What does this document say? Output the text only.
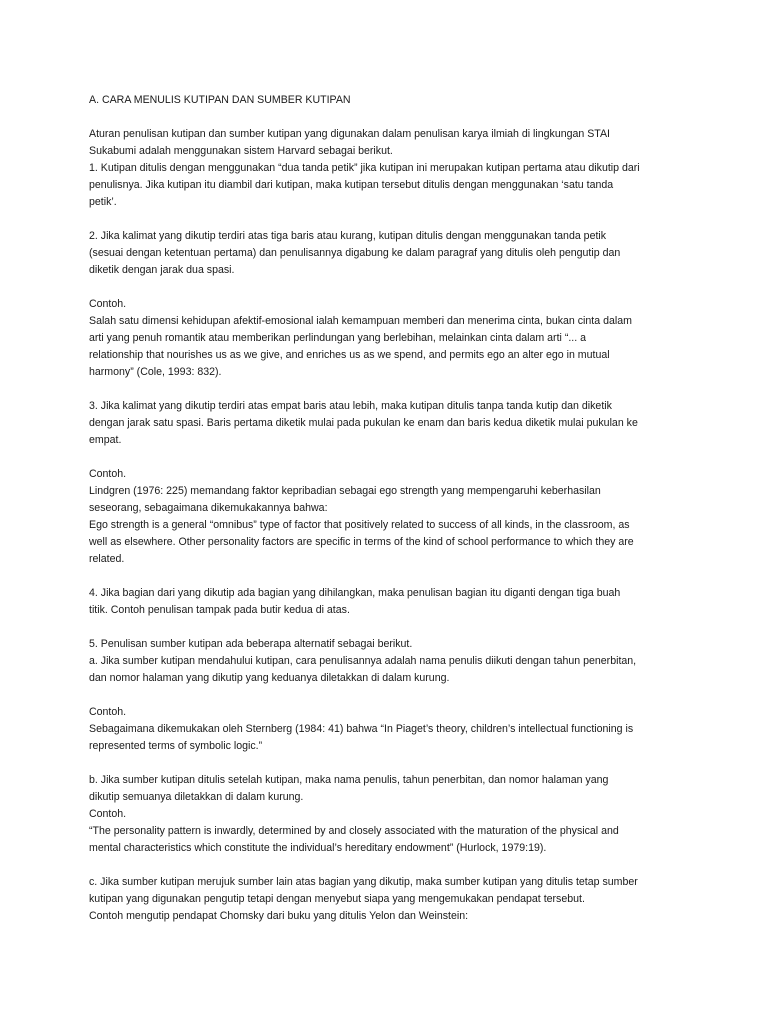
A. CARA MENULIS KUTIPAN DAN SUMBER KUTIPAN
Aturan penulisan kutipan dan sumber kutipan yang digunakan dalam penulisan karya ilmiah di lingkungan STAI
Sukabumi adalah menggunakan sistem Harvard sebagai berikut.
1. Kutipan ditulis dengan menggunakan “dua tanda petik” jika kutipan ini merupakan kutipan pertama atau dikutip dari
penulisnya. Jika kutipan itu diambil dari kutipan, maka kutipan tersebut ditulis dengan menggunakan ‘satu tanda
petik’.
2. Jika kalimat yang dikutip terdiri atas tiga baris atau kurang, kutipan ditulis dengan menggunakan tanda petik
(sesuai dengan ketentuan pertama) dan penulisannya digabung ke dalam paragraf yang ditulis oleh pengutip dan
diketik dengan jarak dua spasi.
Contoh.
Salah satu dimensi kehidupan afektif-emosional ialah kemampuan memberi dan menerima cinta, bukan cinta dalam
arti yang penuh romantik atau memberikan perlindungan yang berlebihan, melainkan cinta dalam arti “... a
relationship that nourishes us as we give, and enriches us as we spend, and permits ego an alter ego in mutual
harmony” (Cole, 1993: 832).
3. Jika kalimat yang dikutip terdiri atas empat baris atau lebih, maka kutipan ditulis tanpa tanda kutip dan diketik
dengan jarak satu spasi. Baris pertama diketik mulai pada pukulan ke enam dan baris kedua diketik mulai pukulan ke
empat.
Contoh.
Lindgren (1976: 225) memandang faktor kepribadian sebagai ego strength yang mempengaruhi keberhasilan
seseorang, sebagaimana dikemukakannya bahwa:
Ego strength is a general “omnibus” type of factor that positively related to success of all kinds, in the classroom, as
well as elsewhere. Other personality factors are specific in terms of the kind of school performance to which they are
related.
4. Jika bagian dari yang dikutip ada bagian yang dihilangkan, maka penulisan bagian itu diganti dengan tiga buah
titik. Contoh penulisan tampak pada butir kedua di atas.
5. Penulisan sumber kutipan ada beberapa alternatif sebagai berikut.
a. Jika sumber kutipan mendahului kutipan, cara penulisannya adalah nama penulis diikuti dengan tahun penerbitan,
dan nomor halaman yang dikutip yang keduanya diletakkan di dalam kurung.
Contoh.
Sebagaimana dikemukakan oleh Sternberg (1984: 41) bahwa “In Piaget’s theory, children’s intellectual functioning is
represented terms of symbolic logic.”
b. Jika sumber kutipan ditulis setelah kutipan, maka nama penulis, tahun penerbitan, dan nomor halaman yang
dikutip semuanya diletakkan di dalam kurung.
Contoh.
“The personality pattern is inwardly, determined by and closely associated with the maturation of the physical and
mental characteristics which constitute the individual’s hereditary endowment” (Hurlock, 1979:19).
c. Jika sumber kutipan merujuk sumber lain atas bagian yang dikutip, maka sumber kutipan yang ditulis tetap sumber
kutipan yang digunakan pengutip tetapi dengan menyebut siapa yang mengemukakan pendapat tersebut.
Contoh mengutip pendapat Chomsky dari buku yang ditulis Yelon dan Weinstein:
